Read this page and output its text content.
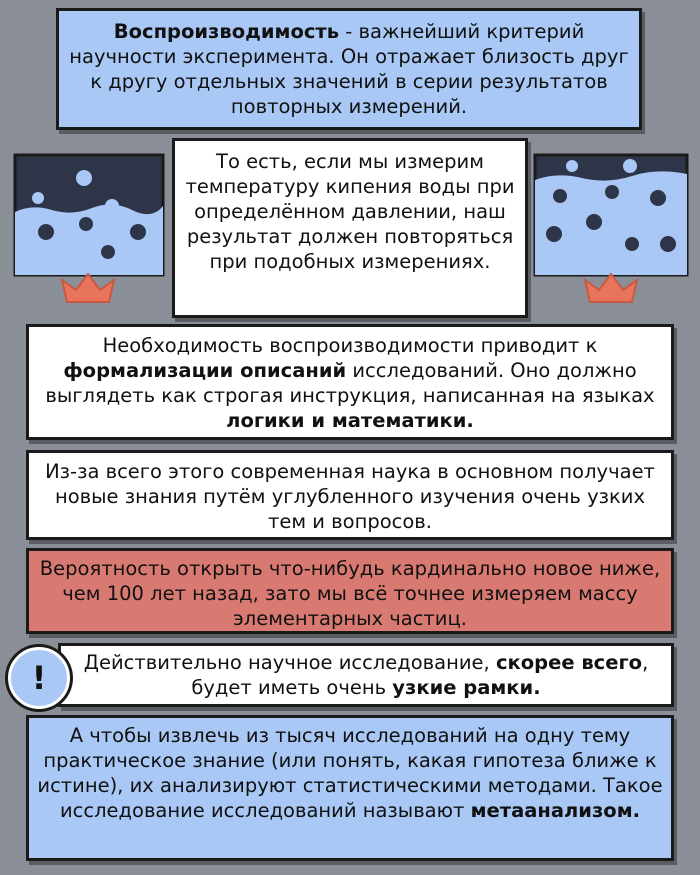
Воспроизводимость - важнейший критерий научности эксперимента. Он отражает близость друг к другу отдельных значений в серии результатов повторных измерений.
То есть, если мы измерим температуру кипения воды при определённом давлении, наш результат должен повторяться при подобных измерениях.
Необходимость воспроизводимости приводит к формализации описаний исследований. Оно должно выглядеть как строгая инструкция, написанная на языках логики и математики.
Из-за всего этого современная наука в основном получает новые знания путём углубленного изучения очень узких тем и вопросов.
Вероятность открыть что-нибудь кардинально новое ниже, чем 100 лет назад, зато мы всё точнее измеряем массу элементарных частиц.
!	Действительно научное исследование, скорее всего, будет иметь очень узкие рамки.
А чтобы извлечь из тысяч исследований на одну тему практическое знание (или понять, какая гипотеза ближе к истине), их анализируют статистическими методами. Такое исследование исследований называют метаанализом.
